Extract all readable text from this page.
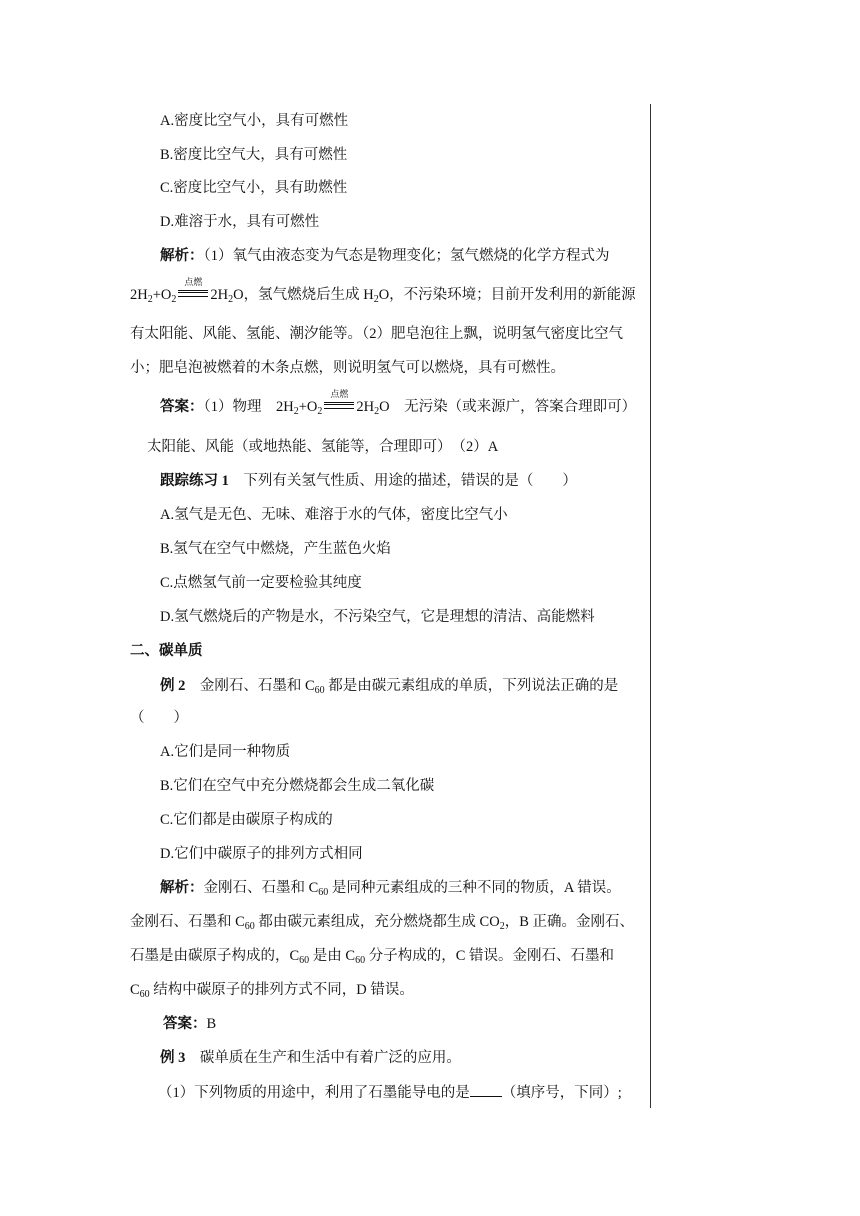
A.密度比空气小，具有可燃性
B.密度比空气大，具有可燃性
C.密度比空气小，具有助燃性
D.难溶于水，具有可燃性
解析：（1）氧气由液态变为气态是物理变化；氢气燃烧的化学方程式为
$2H_2+O_2$
点燃
$2H_2O$，氢气燃烧后生成 $H_2O$，不污染环境；目前开发利用的新能源
有太阳能、风能、氢能、潮汐能等。（2）肥皂泡往上飘，说明氢气密度比空气
小；肥皂泡被燃着的木条点燃，则说明氢气可以燃烧，具有可燃性。
答案：（1）物理　$2H_2+O_2$
点燃
$2H_2O$　无污染（或来源广，答案合理即可）
太阳能、风能（或地热能、氢能等，合理即可）　（2）A
跟踪练习 1　下列有关氢气性质、用途的描述，错误的是（　　）
A.氢气是无色、无味、难溶于水的气体，密度比空气小
B.氢气在空气中燃烧，产生蓝色火焰
C.点燃氢气前一定要检验其纯度
D.氢气燃烧后的产物是水，不污染空气，它是理想的清洁、高能燃料
二、碳单质
例 2　金刚石、石墨和 $C_{60}$ 都是由碳元素组成的单质，下列说法正确的是
（　　）
A.它们是同一种物质
B.它们在空气中充分燃烧都会生成二氧化碳
C.它们都是由碳原子构成的
D.它们中碳原子的排列方式相同
解析：金刚石、石墨和 $C_{60}$ 是同种元素组成的三种不同的物质，A 错误。
金刚石、石墨和 $C_{60}$ 都由碳元素组成，充分燃烧都生成 $CO_2$，B 正确。金刚石、
石墨是由碳原子构成的，$C_{60}$ 是由 $C_{60}$ 分子构成的，C 错误。金刚石、石墨和
$C_{60}$ 结构中碳原子的排列方式不同，D 错误。
答案：B
例 3　碳单质在生产和生活中有着广泛的应用。
（1）下列物质的用途中，利用了石墨能导电的是 （填序号，下同）;
